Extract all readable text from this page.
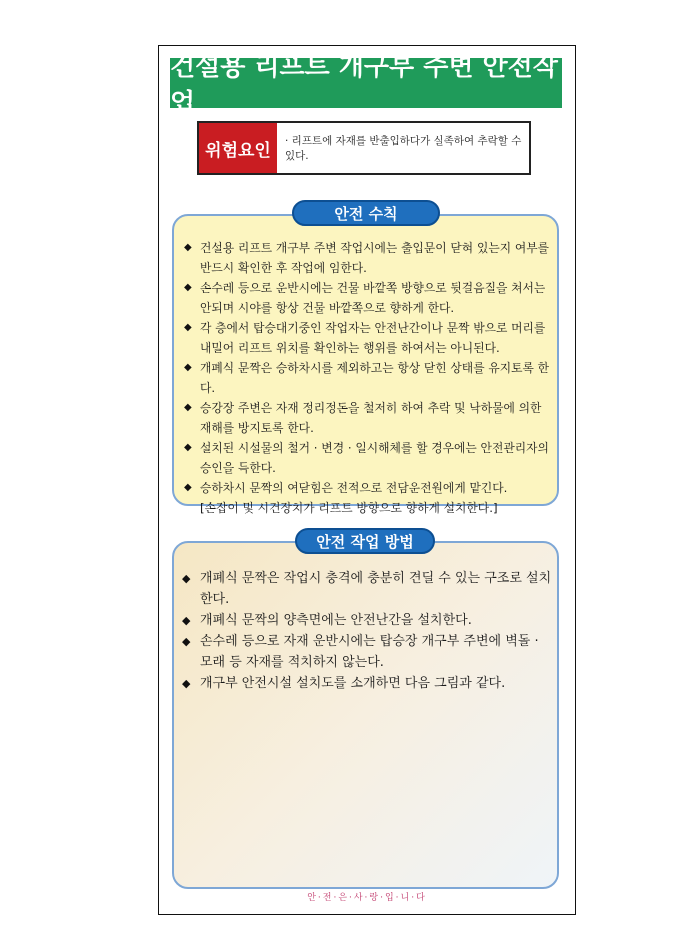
건설용 리프트 개구부 주변 안전작업
위험요인	· 리프트에 자재를 반출입하다가 실족하여 추락할 수 있다.
안전 수칙
◆ 건설용 리프트 개구부 주변 작업시에는 출입문이 닫혀 있는지 여부를 반드시 확인한 후 작업에 임한다.
◆ 손수레 등으로 운반시에는 건물 바깥쪽 방향으로 뒷걸음질을 쳐서는 안되며 시야를 항상 건물 바깥쪽으로 향하게 한다.
◆ 각 층에서 탑승대기중인 작업자는 안전난간이나 문짝 밖으로 머리를 내밀어 리프트 위치를 확인하는 행위를 하여서는 아니된다.
◆ 개폐식 문짝은 승하차시를 제외하고는 항상 닫힌 상태를 유지토록 한다.
◆ 승강장 주변은 자재 정리정돈을 철저히 하여 추락 및 낙하물에 의한 재해를 방지토록 한다.
◆ 설치된 시설물의 철거 · 변경 · 일시해체를 할 경우에는 안전관리자의 승인을 득한다.
◆ 승하차시 문짝의 여닫힘은 전적으로 전담운전원에게 맡긴다.
[손잡이 및 시건장치가 리프트 방향으로 향하게 설치한다.]
안전 작업 방법
◆ 개폐식 문짝은 작업시 충격에 충분히 견딜 수 있는 구조로 설치한다.
◆ 개폐식 문짝의 양측면에는 안전난간을 설치한다.
◆ 손수레 등으로 자재 운반시에는 탑승장 개구부 주변에 벽돌 · 모래 등 자재를 적치하지 않는다.
◆ 개구부 안전시설 설치도를 소개하면 다음 그림과 같다.
안·전·은·사·랑·입·니·다
